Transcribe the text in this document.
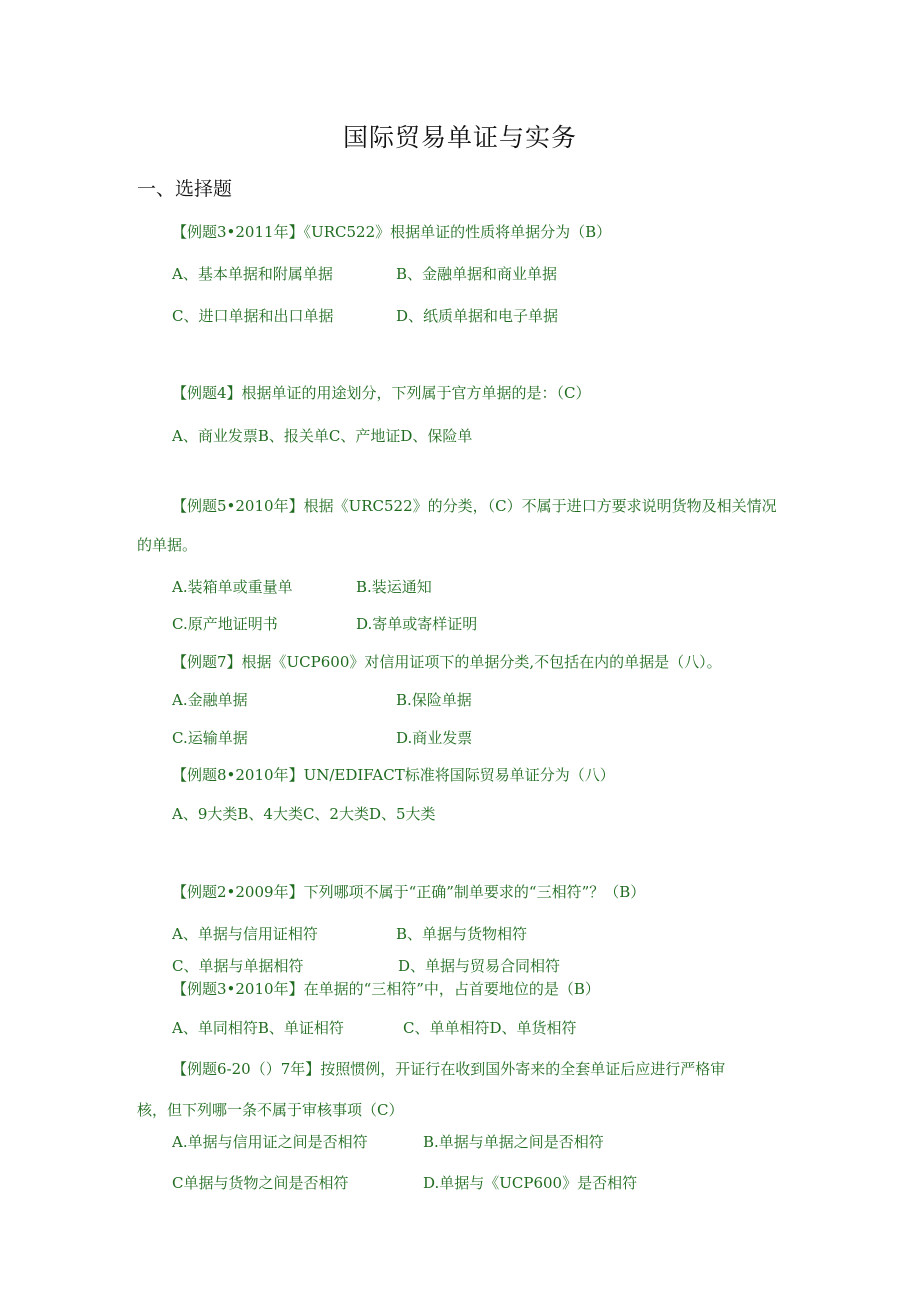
国际贸易单证与实务
一、选择题
【例题3•2011年】《URC522》根据单证的性质将单据分为（B）
A、基本单据和附属单据	B、金融单据和商业单据
C、进口单据和出口单据	D、纸质单据和电子单据
【例题4】根据单证的用途划分，下列属于官方单据的是：（C）
A、商业发票B、报关单C、产地证D、保险单
【例题5•2010年】根据《URC522》的分类，（C）不属于进口方要求说明货物及相关情况
的单据。
A.装箱单或重量单	B.装运通知
C.原产地证明书	D.寄单或寄样证明
【例题7】根据《UCP600》对信用证项下的单据分类,不包括在内的单据是（八）。
A.金融单据	B.保险单据
C.运输单据	D.商业发票
【例题8•2010年】UN/EDIFACT标准将国际贸易单证分为（八）
A、9大类B、4大类C、2大类D、5大类
【例题2•2009年】下列哪项不属于“正确”制单要求的“三相符”？（B）
A、单据与信用证相符	B、单据与货物相符
C、单据与单据相符	D、单据与贸易合同相符
【例题3•2010年】在单据的“三相符”中，占首要地位的是（B）
A、单同相符B、单证相符	C、单单相符D、单货相符
【例题6-20（）7年】按照惯例，开证行在收到国外寄来的全套单证后应进行严格审
核，但下列哪一条不属于审核事项（C）
A.单据与信用证之间是否相符	B.单据与单据之间是否相符
C单据与货物之间是否相符	D.单据与《UCP600》是否相符
